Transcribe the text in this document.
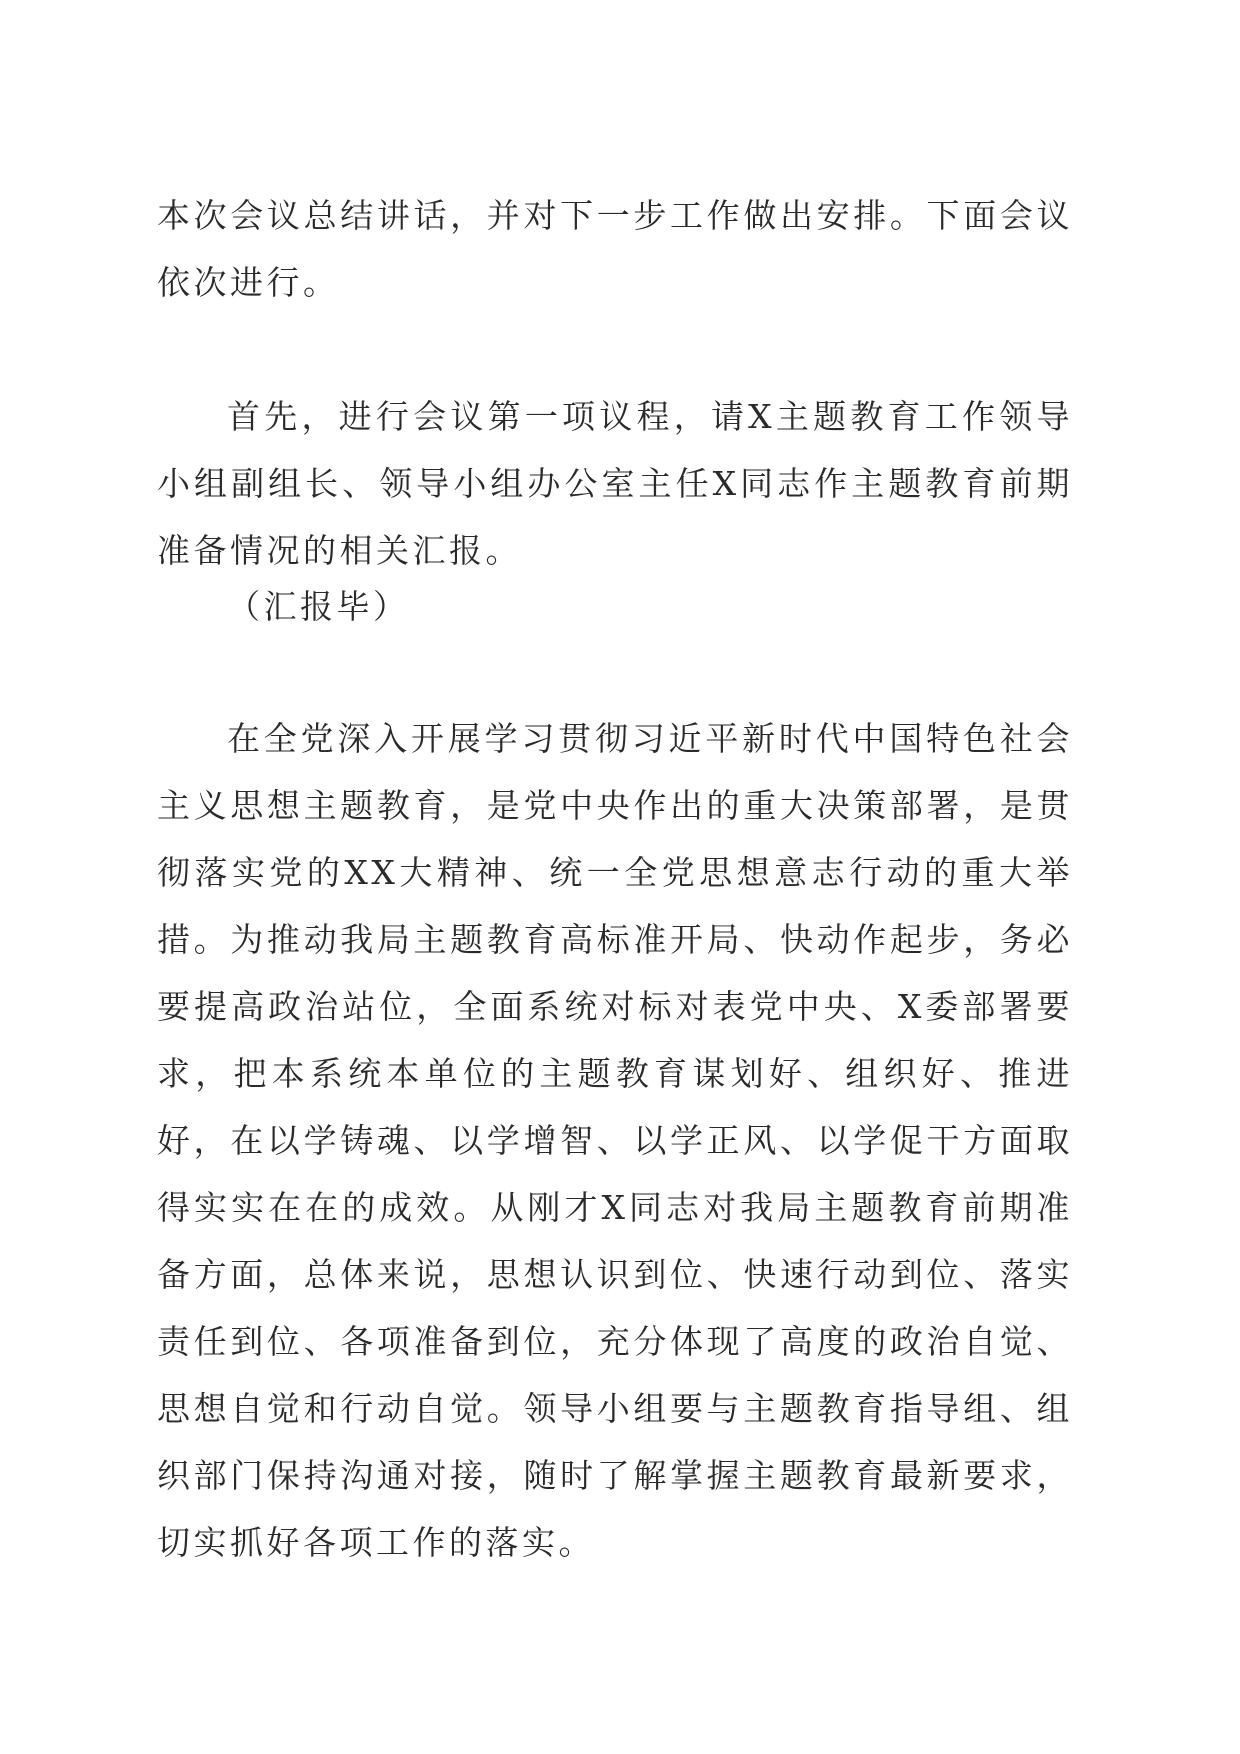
本次会议总结讲话，并对下一步工作做出安排。下面会议依次进行。

首先，进行会议第一项议程，请X主题教育工作领导小组副组长、领导小组办公室主任X同志作主题教育前期准备情况的相关汇报。

（汇报毕）

在全党深入开展学习贯彻习近平新时代中国特色社会主义思想主题教育，是党中央作出的重大决策部署，是贯彻落实党的XX大精神、统一全党思想意志行动的重大举措。为推动我局主题教育高标准开局、快动作起步，务必要提高政治站位，全面系统对标对表党中央、X委部署要求，把本系统本单位的主题教育谋划好、组织好、推进好，在以学铸魂、以学增智、以学正风、以学促干方面取得实实在在的成效。从刚才X同志对我局主题教育前期准备方面，总体来说，思想认识到位、快速行动到位、落实责任到位、各项准备到位，充分体现了高度的政治自觉、思想自觉和行动自觉。领导小组要与主题教育指导组、组织部门保持沟通对接，随时了解掌握主题教育最新要求，切实抓好各项工作的落实。
